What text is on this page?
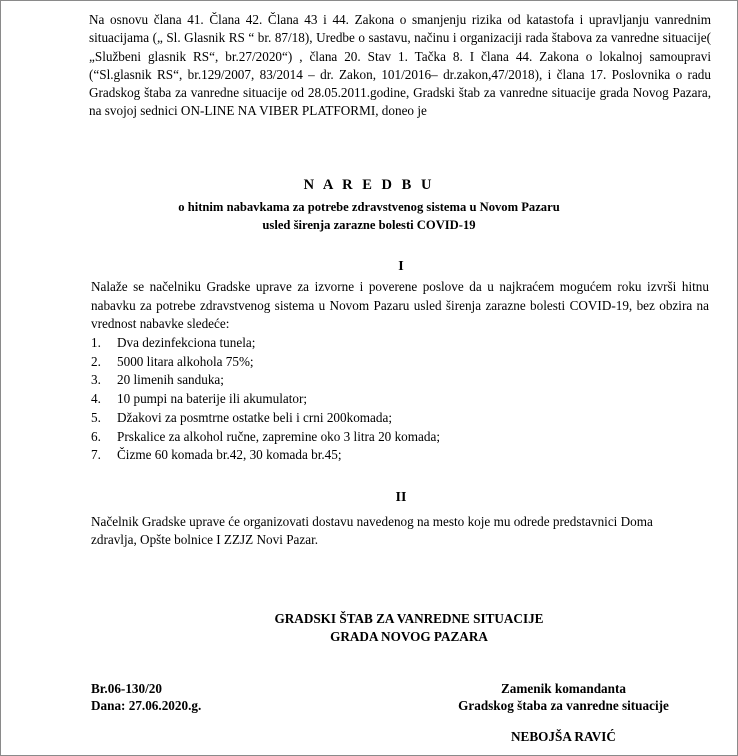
Na osnovu člana 41. Člana 42. Člana 43 i 44. Zakona o smanjenju rizika od katastofa i upravljanju vanrednim situacijama („ Sl. Glasnik RS “ br. 87/18), Uredbe o sastavu, načinu i organizaciji rada štabova za vanredne situacije( „Službeni glasnik RS“, br.27/2020“) , člana 20. Stav 1. Tačka 8. I člana 44. Zakona o lokalnoj samoupravi (“Sl.glasnik RS“, br.129/2007, 83/2014 – dr. Zakon, 101/2016– dr.zakon,47/2018), i člana 17. Poslovnika o radu Gradskog štaba za vanredne situacije od 28.05.2011.godine, Gradski štab za vanredne situacije grada Novog Pazara, na svojoj sednici ON-LINE NA VIBER PLATFORMI, doneo je
N A R E D B U
o hitnim nabavkama za potrebe zdravstvenog sistema u Novom Pazaru
usled širenja zarazne bolesti COVID-19
I
Nalaže se načelniku Gradske uprave za izvorne i poverene poslove da u najkraćem mogućem roku izvrši hitnu nabavku za potrebe zdravstvenog sistema u Novom Pazaru usled širenja zarazne bolesti COVID-19, bez obzira na vrednost nabavke sledeće:
1.	Dva dezinfekciona tunela;
2.	5000 litara alkohola 75%;
3.	20 limenih sanduka;
4.	10 pumpi na baterije ili akumulator;
5.	Džakovi za posmtrne ostatke beli i crni 200komada;
6.	Prskalice za alkohol ručne, zapremine oko 3 litra 20 komada;
7.	Čizme 60 komada br.42, 30 komada br.45;
II
Načelnik Gradske uprave će organizovati dostavu navedenog na mesto koje mu odrede predstavnici Doma zdravlja, Opšte bolnice I ZZJZ Novi Pazar.
GRADSKI ŠTAB ZA VANREDNE SITUACIJE
GRADA NOVOG PAZARA
Br.06-130/20
Dana: 27.06.2020.g.
Zamenik komandanta
Gradskog štaba za vanredne situacije
NEBOJŠA RAVIĆ
